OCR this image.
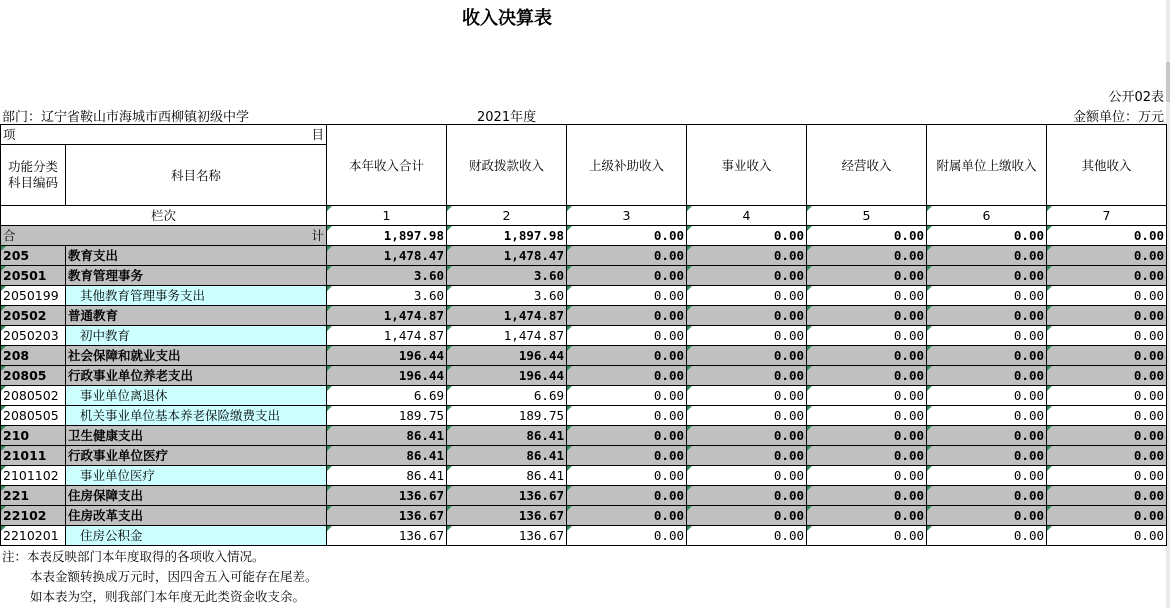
收入决算表
公开02表
部门：辽宁省鞍山市海城市西柳镇初级中学	2021年度	金额单位：万元
项 目		本年收入合计	财政拨款收入	上级补助收入	事业收入	经营收入	附属单位上缴收入	其他收入
功能分类科目编码	科目名称							
栏次		1	2	3	4	5	6	7
合 计		1,897.98	1,897.98	0.00	0.00	0.00	0.00	0.00
205	教育支出	1,478.47	1,478.47	0.00	0.00	0.00	0.00	0.00
20501	教育管理事务	3.60	3.60	0.00	0.00	0.00	0.00	0.00
2050199	其他教育管理事务支出	3.60	3.60	0.00	0.00	0.00	0.00	0.00
20502	普通教育	1,474.87	1,474.87	0.00	0.00	0.00	0.00	0.00
2050203	初中教育	1,474.87	1,474.87	0.00	0.00	0.00	0.00	0.00
208	社会保障和就业支出	196.44	196.44	0.00	0.00	0.00	0.00	0.00
20805	行政事业单位养老支出	196.44	196.44	0.00	0.00	0.00	0.00	0.00
2080502	事业单位离退休	6.69	6.69	0.00	0.00	0.00	0.00	0.00
2080505	机关事业单位基本养老保险缴费支出	189.75	189.75	0.00	0.00	0.00	0.00	0.00
210	卫生健康支出	86.41	86.41	0.00	0.00	0.00	0.00	0.00
21011	行政事业单位医疗	86.41	86.41	0.00	0.00	0.00	0.00	0.00
2101102	事业单位医疗	86.41	86.41	0.00	0.00	0.00	0.00	0.00
221	住房保障支出	136.67	136.67	0.00	0.00	0.00	0.00	0.00
22102	住房改革支出	136.67	136.67	0.00	0.00	0.00	0.00	0.00
2210201	住房公积金	136.67	136.67	0.00	0.00	0.00	0.00	0.00
注：本表反映部门本年度取得的各项收入情况。
本表金额转换成万元时，因四舍五入可能存在尾差。
如本表为空，则我部门本年度无此类资金收支余。
